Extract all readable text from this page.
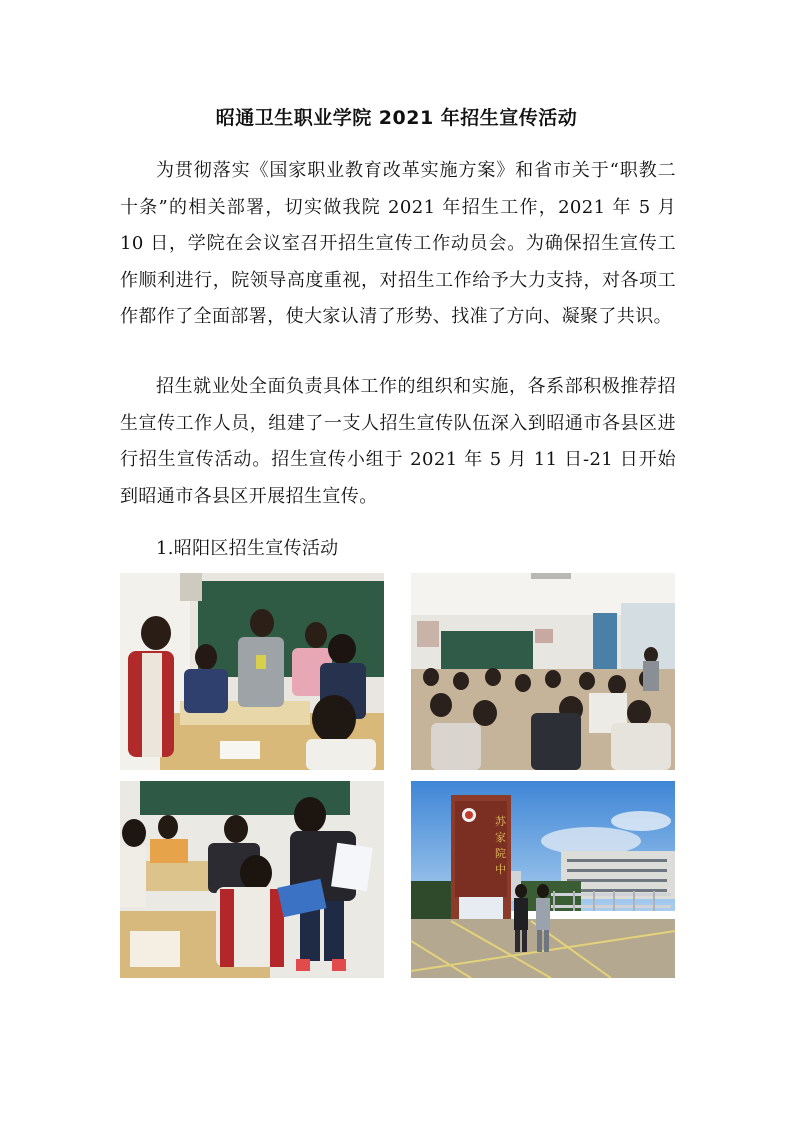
昭通卫生职业学院 2021 年招生宣传活动

为贯彻落实《国家职业教育改革实施方案》和省市关于“职教二十条”的相关部署，切实做我院 2021 年招生工作，2021 年 5 月 10 日，学院在会议室召开招生宣传工作动员会。为确保招生宣传工作顺利进行，院领导高度重视，对招生工作给予大力支持，对各项工作都作了全面部署，使大家认清了形势、找准了方向、凝聚了共识。

招生就业处全面负责具体工作的组织和实施，各系部积极推荐招生宣传工作人员，组建了一支人招生宣传队伍深入到昭通市各县区进行招生宣传活动。招生宣传小组于 2021 年 5 月 11 日-21 日开始到昭通市各县区开展招生宣传。

1.昭阳区招生宣传活动
苏
家
院
中
